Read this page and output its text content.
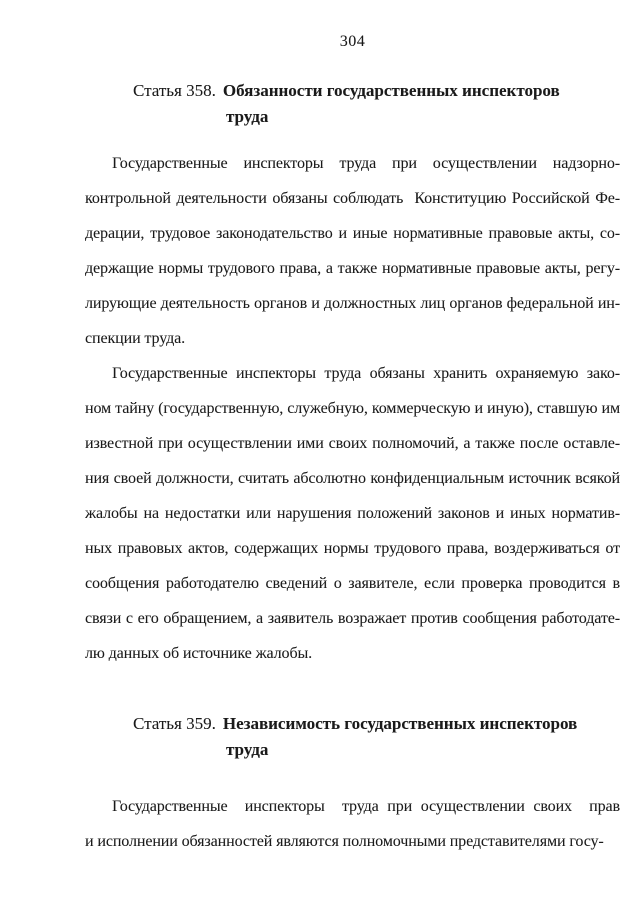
304
Статья 358. Обязанности государственных инспекторов
труда
Государственные инспекторы труда при осуществлении надзорно-
контрольной деятельности обязаны соблюдать  Конституцию Российской Фе-
дерации, трудовое законодательство и иные нормативные правовые акты, со-
держащие нормы трудового права, а также нормативные правовые акты, регу-
лирующие деятельность органов и должностных лиц органов федеральной ин-
спекции труда.
Государственные инспекторы труда обязаны хранить охраняемую зако-
ном тайну (государственную, служебную, коммерческую и иную), ставшую им
известной при осуществлении ими своих полномочий, а также после оставле-
ния своей должности, считать абсолютно конфиденциальным источник всякой
жалобы на недостатки или нарушения положений законов и иных норматив-
ных правовых актов, содержащих нормы трудового права, воздерживаться от
сообщения работодателю сведений о заявителе, если проверка проводится в
связи с его обращением, а заявитель возражает против сообщения работодате-
лю данных об источнике жалобы.
Статья 359. Независимость государственных инспекторов
труда
Государственные  инспекторы  труда при осуществлении своих  прав
и исполнении обязанностей являются полномочными представителями госу-
